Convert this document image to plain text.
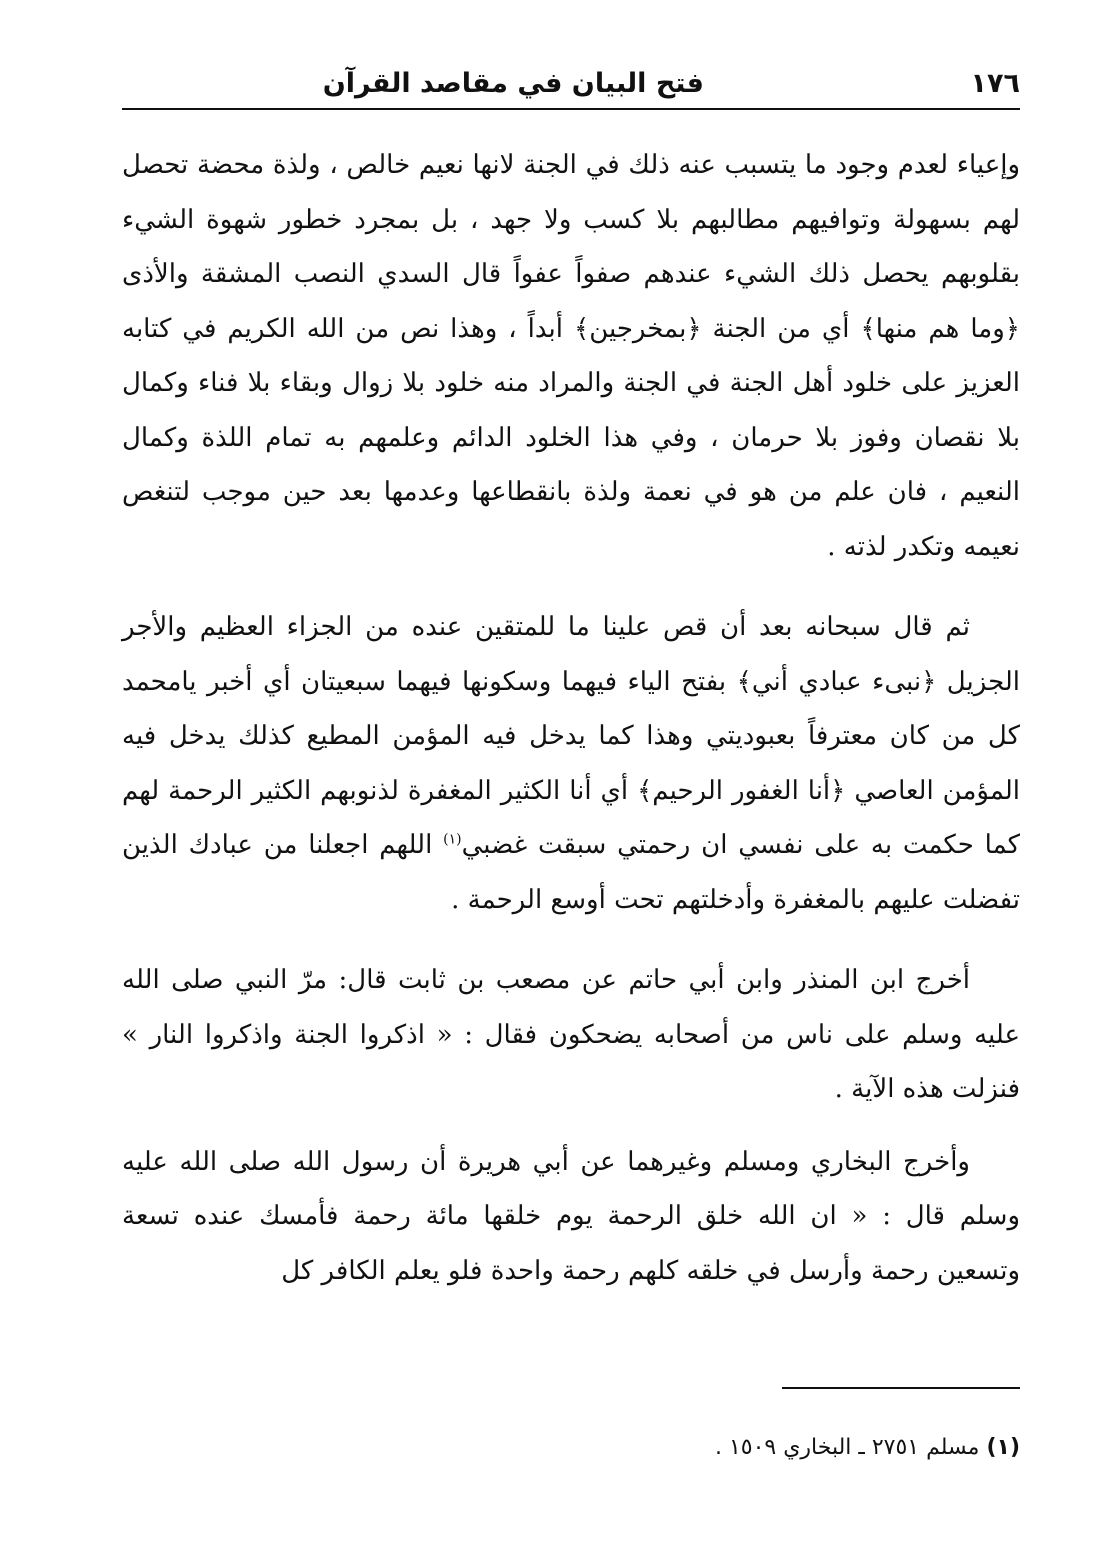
١٧٦
فتح البيان في مقاصد القرآن

وإعياء لعدم وجود ما يتسبب عنه ذلك في الجنة لانها نعيم خالص ، ولذة محضة تحصل لهم بسهولة وتوافيهم مطالبهم بلا كسب ولا جهد ، بل بمجرد خطور شهوة الشيء بقلوبهم يحصل ذلك الشيء عندهم صفواً عفواً قال السدي النصب المشقة والأذى ﴿وما هم منها﴾ أي من الجنة ﴿بمخرجين﴾ أبداً ، وهذا نص من الله الكريم في كتابه العزيز على خلود أهل الجنة في الجنة والمراد منه خلود بلا زوال وبقاء بلا فناء وكمال بلا نقصان وفوز بلا حرمان ، وفي هذا الخلود الدائم وعلمهم به تمام اللذة وكمال النعيم ، فان علم من هو في نعمة ولذة بانقطاعها وعدمها بعد حين موجب لتنغص نعيمه وتكدر لذته .

ثم قال سبحانه بعد أن قص علينا ما للمتقين عنده من الجزاء العظيم والأجر الجزيل ﴿نبىء عبادي أني﴾ بفتح الياء فيهما وسكونها فيهما سبعيتان أي أخبر يامحمد كل من كان معترفاً بعبوديتي وهذا كما يدخل فيه المؤمن المطيع كذلك يدخل فيه المؤمن العاصي ﴿أنا الغفور الرحيم﴾ أي أنا الكثير المغفرة لذنوبهم الكثير الرحمة لهم كما حكمت به على نفسي ان رحمتي سبقت غضبي$^{(١)}$ اللهم اجعلنا من عبادك الذين تفضلت عليهم بالمغفرة وأدخلتهم تحت أوسع الرحمة .

أخرج ابن المنذر وابن أبي حاتم عن مصعب بن ثابت قال: مرّ النبي صلى الله عليه وسلم على ناس من أصحابه يضحكون فقال : « اذكروا الجنة واذكروا النار » فنزلت هذه الآية .

وأخرج البخاري ومسلم وغيرهما عن أبي هريرة أن رسول الله صلى الله عليه وسلم قال : « ان الله خلق الرحمة يوم خلقها مائة رحمة فأمسك عنده تسعة وتسعين رحمة وأرسل في خلقه كلهم رحمة واحدة فلو يعلم الكافر كل

(١) مسلم ٢٧٥١ ـ البخاري ١٥٠٩ .
